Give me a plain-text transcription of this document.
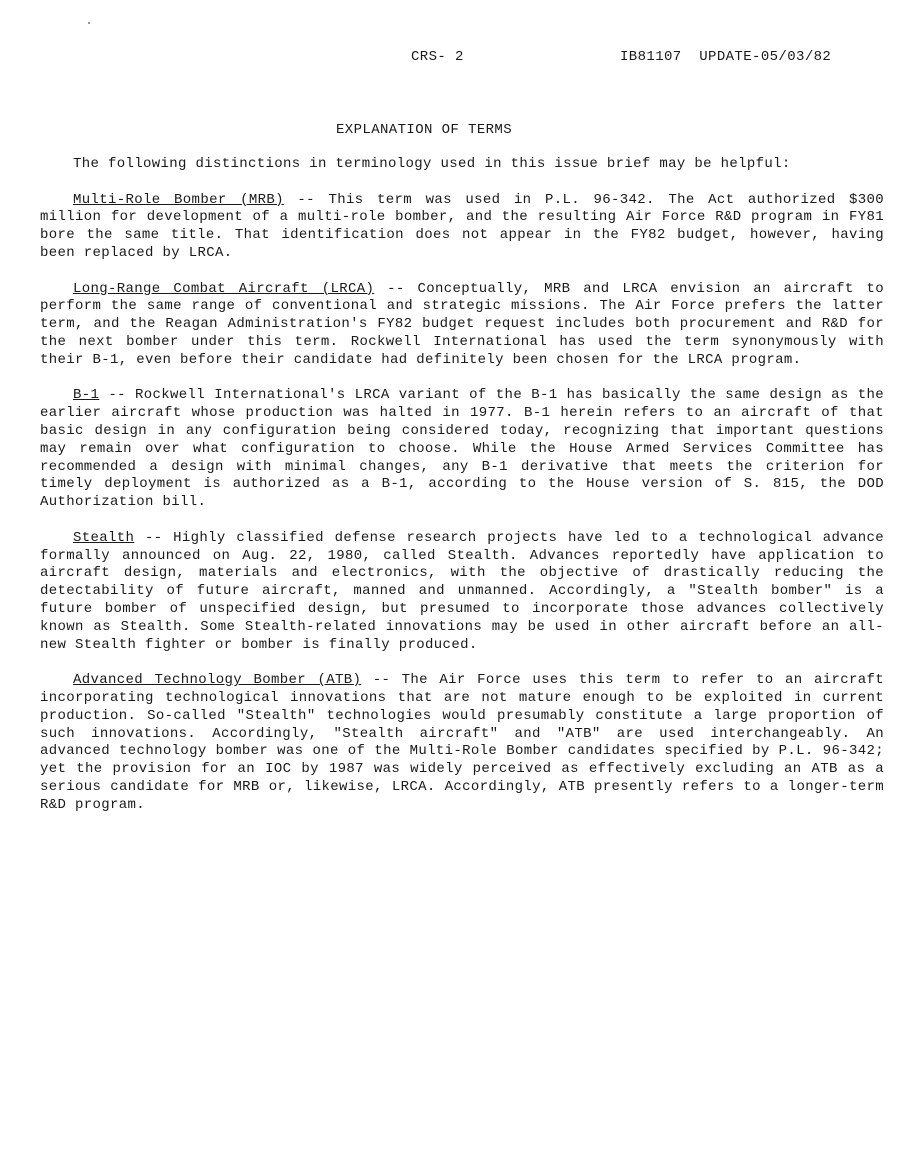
CRS- 2	IB81107  UPDATE-05/03/82
EXPLANATION OF TERMS

The following distinctions in terminology used in this issue brief may be helpful:

Multi-Role Bomber (MRB) -- This term was used in P.L. 96-342. The Act authorized $300 million for development of a multi-role bomber, and the resulting Air Force R&D program in FY81 bore the same title. That identification does not appear in the FY82 budget, however, having been replaced by LRCA.

Long-Range Combat Aircraft (LRCA) -- Conceptually, MRB and LRCA envision an aircraft to perform the same range of conventional and strategic missions. The Air Force prefers the latter term, and the Reagan Administration's FY82 budget request includes both procurement and R&D for the next bomber under this term. Rockwell International has used the term synonymously with their B-1, even before their candidate had definitely been chosen for the LRCA program.

B-1 -- Rockwell International's LRCA variant of the B-1 has basically the same design as the earlier aircraft whose production was halted in 1977. B-1 herein refers to an aircraft of that basic design in any configuration being considered today, recognizing that important questions may remain over what configuration to choose. While the House Armed Services Committee has recommended a design with minimal changes, any B-1 derivative that meets the criterion for timely deployment is authorized as a B-1, according to the House version of S. 815, the DOD Authorization bill.

Stealth -- Highly classified defense research projects have led to a technological advance formally announced on Aug. 22, 1980, called Stealth. Advances reportedly have application to aircraft design, materials and electronics, with the objective of drastically reducing the detectability of future aircraft, manned and unmanned. Accordingly, a "Stealth bomber" is a future bomber of unspecified design, but presumed to incorporate those advances collectively known as Stealth. Some Stealth-related innovations may be used in other aircraft before an all-new Stealth fighter or bomber is finally produced.

Advanced Technology Bomber (ATB) -- The Air Force uses this term to refer to an aircraft incorporating technological innovations that are not mature enough to be exploited in current production. So-called "Stealth" technologies would presumably constitute a large proportion of such innovations. Accordingly, "Stealth aircraft" and "ATB" are used interchangeably. An advanced technology bomber was one of the Multi-Role Bomber candidates specified by P.L. 96-342; yet the provision for an IOC by 1987 was widely perceived as effectively excluding an ATB as a serious candidate for MRB or, likewise, LRCA. Accordingly, ATB presently refers to a longer-term R&D program.
